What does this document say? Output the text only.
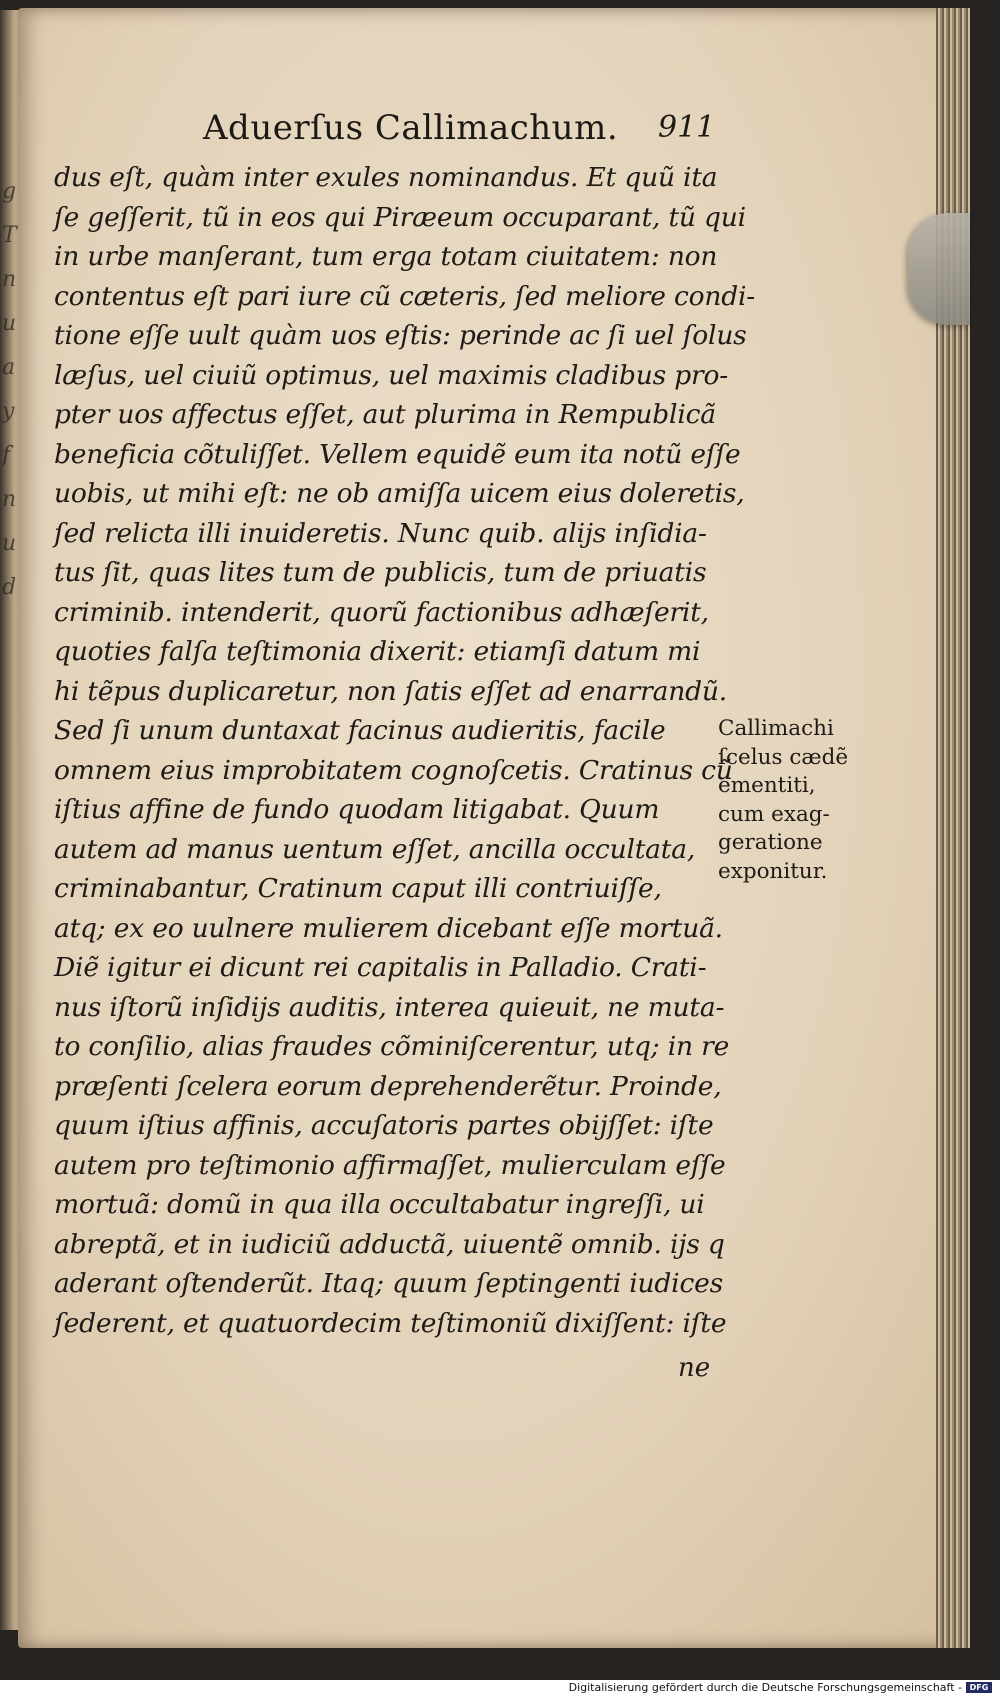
g
T
n
u
a
y
f
n
u
d
Aduerſus Callimachum. 911
dus eſt, quàm inter exules nominandus. Et quũ ita
ſe geſſerit, tũ in eos qui Piræeum occuparant, tũ qui
in urbe manſerant, tum erga totam ciuitatem: non
contentus eſt pari iure cũ cæteris, ſed meliore condi-
tione eſſe uult quàm uos eſtis: perinde ac ſi uel ſolus
læſus, uel ciuiũ optimus, uel maximis cladibus pro-
pter uos affectus eſſet, aut plurima in Rempublicã
beneficia cõtuliſſet. Vellem equidẽ eum ita notũ eſſe
uobis, ut mihi eſt: ne ob amiſſa uicem eius doleretis,
ſed relicta illi inuideretis. Nunc quib. alijs inſidia-
tus ſit, quas lites tum de publicis, tum de priuatis
criminib. intenderit, quorũ factionibus adhæſerit,
quoties falſa teſtimonia dixerit: etiamſi datum mi
hi tẽpus duplicaretur, non ſatis eſſet ad enarrandũ.
Sed ſi unum duntaxat facinus audieritis, facile
omnem eius improbitatem cognoſcetis. Cratinus cũ
iſtius affine de fundo quodam litigabat. Quum
autem ad manus uentum eſſet, ancilla occultata,
criminabantur, Cratinum caput illi contriuiſſe,
atq; ex eo uulnere mulierem dicebant eſſe mortuã.
Diẽ igitur ei dicunt rei capitalis in Palladio. Crati-
nus iſtorũ inſidijs auditis, interea quieuit, ne muta-
to conſilio, alias fraudes cõminiſcerentur, utq; in re
præſenti ſcelera eorum deprehenderẽtur. Proinde,
quum iſtius affinis, accuſatoris partes obijſſet: iſte
autem pro teſtimonio affirmaſſet, mulierculam eſſe
mortuã: domũ in qua illa occultabatur ingreſſi, ui
abreptã, et in iudiciũ adductã, uiuentẽ omnib. ijs q
aderant oſtenderũt. Itaq; quum ſeptingenti iudices
ſederent, et quatuordecim teſtimoniũ dixiſſent: iſte
ne
Callimachi
ſcelus cædẽ
ementiti,
cum exag-
geratione
exponitur.
Digitalisierung gefördert durch die Deutsche Forschungsgemeinschaft - DFG
